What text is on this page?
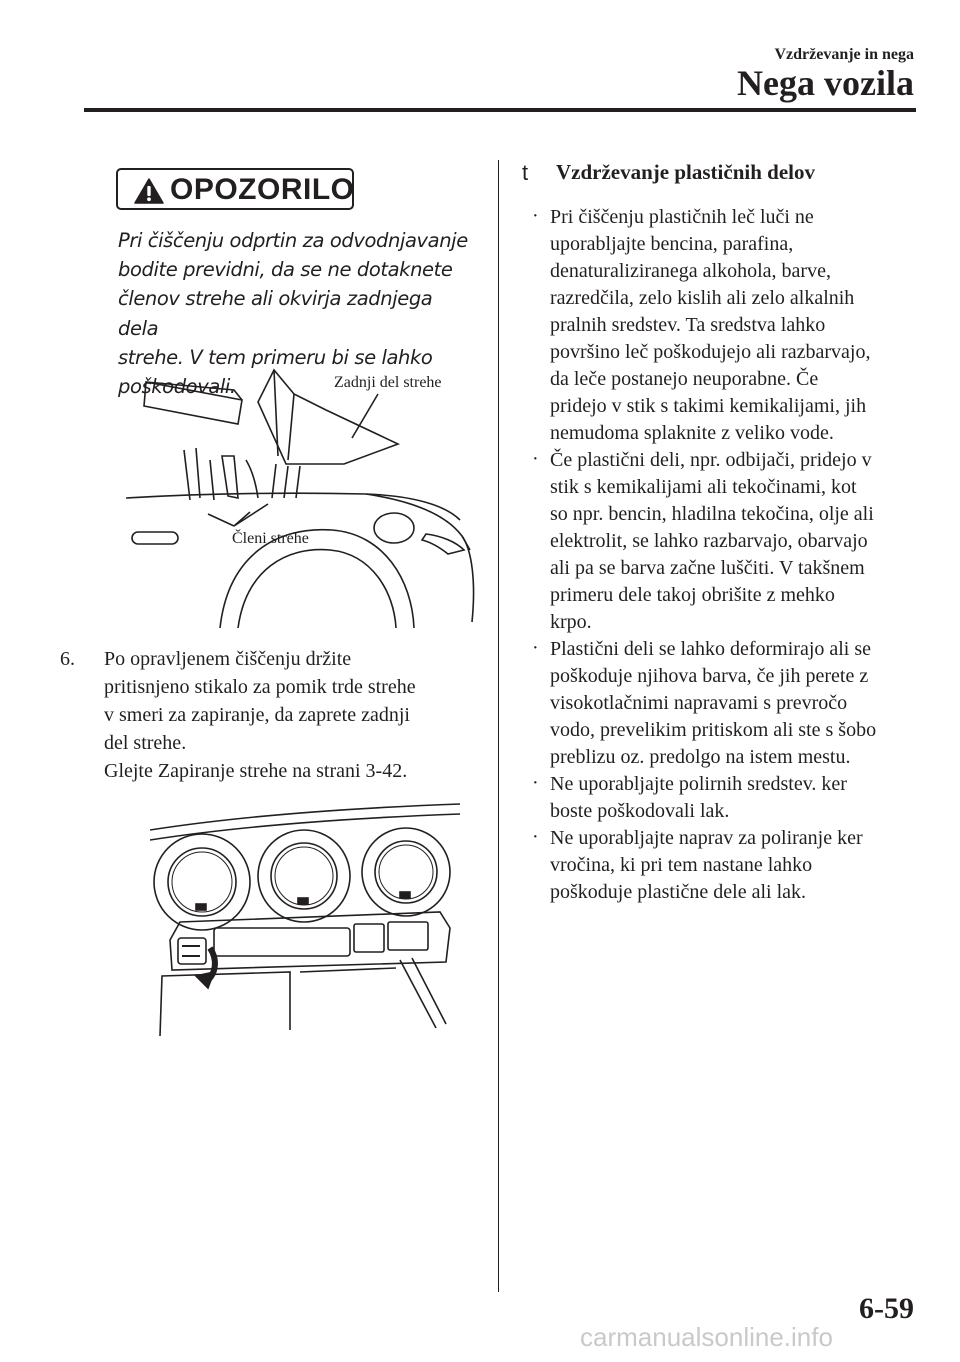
Vzdrževanje in nega
Nega vozila
OPOZORILO
Pri čiščenju odprtin za odvodnjavanje
bodite previdni, da se ne dotaknete
členov strehe ali okvirja zadnjega dela
strehe. V tem primeru bi se lahko
poškodovali.	Zadnji del strehe
Členi strehe
6. Po opravljenem čiščenju držite
pritisnjeno stikalo za pomik trde strehe
v smeri za zapiranje, da zaprete zadnji
del strehe.
Glejte Zapiranje strehe na strani 3-42.
t Vzdrževanje plastičnih delov
· Pri čiščenju plastičnih leč luči ne
uporabljajte bencina, parafina,
denaturaliziranega alkohola, barve,
razredčila, zelo kislih ali zelo alkalnih
pralnih sredstev. Ta sredstva lahko
površino leč poškodujejo ali razbarvajo,
da leče postanejo neuporabne. Če
pridejo v stik s takimi kemikalijami, jih
nemudoma splaknite z veliko vode.
· Če plastični deli, npr. odbijači, pridejo v
stik s kemikalijami ali tekočinami, kot
so npr. bencin, hladilna tekočina, olje ali
elektrolit, se lahko razbarvajo, obarvajo
ali pa se barva začne luščiti. V takšnem
primeru dele takoj obrišite z mehko
krpo.
· Plastični deli se lahko deformirajo ali se
poškoduje njihova barva, če jih perete z
visokotlačnimi napravami s prevročo
vodo, prevelikim pritiskom ali ste s šobo
preblizu oz. predolgo na istem mestu.
· Ne uporabljajte polirnih sredstev. ker
boste poškodovali lak.
· Ne uporabljajte naprav za poliranje ker
vročina, ki pri tem nastane lahko
poškoduje plastične dele ali lak.
6-59
carmanualsonline.info
